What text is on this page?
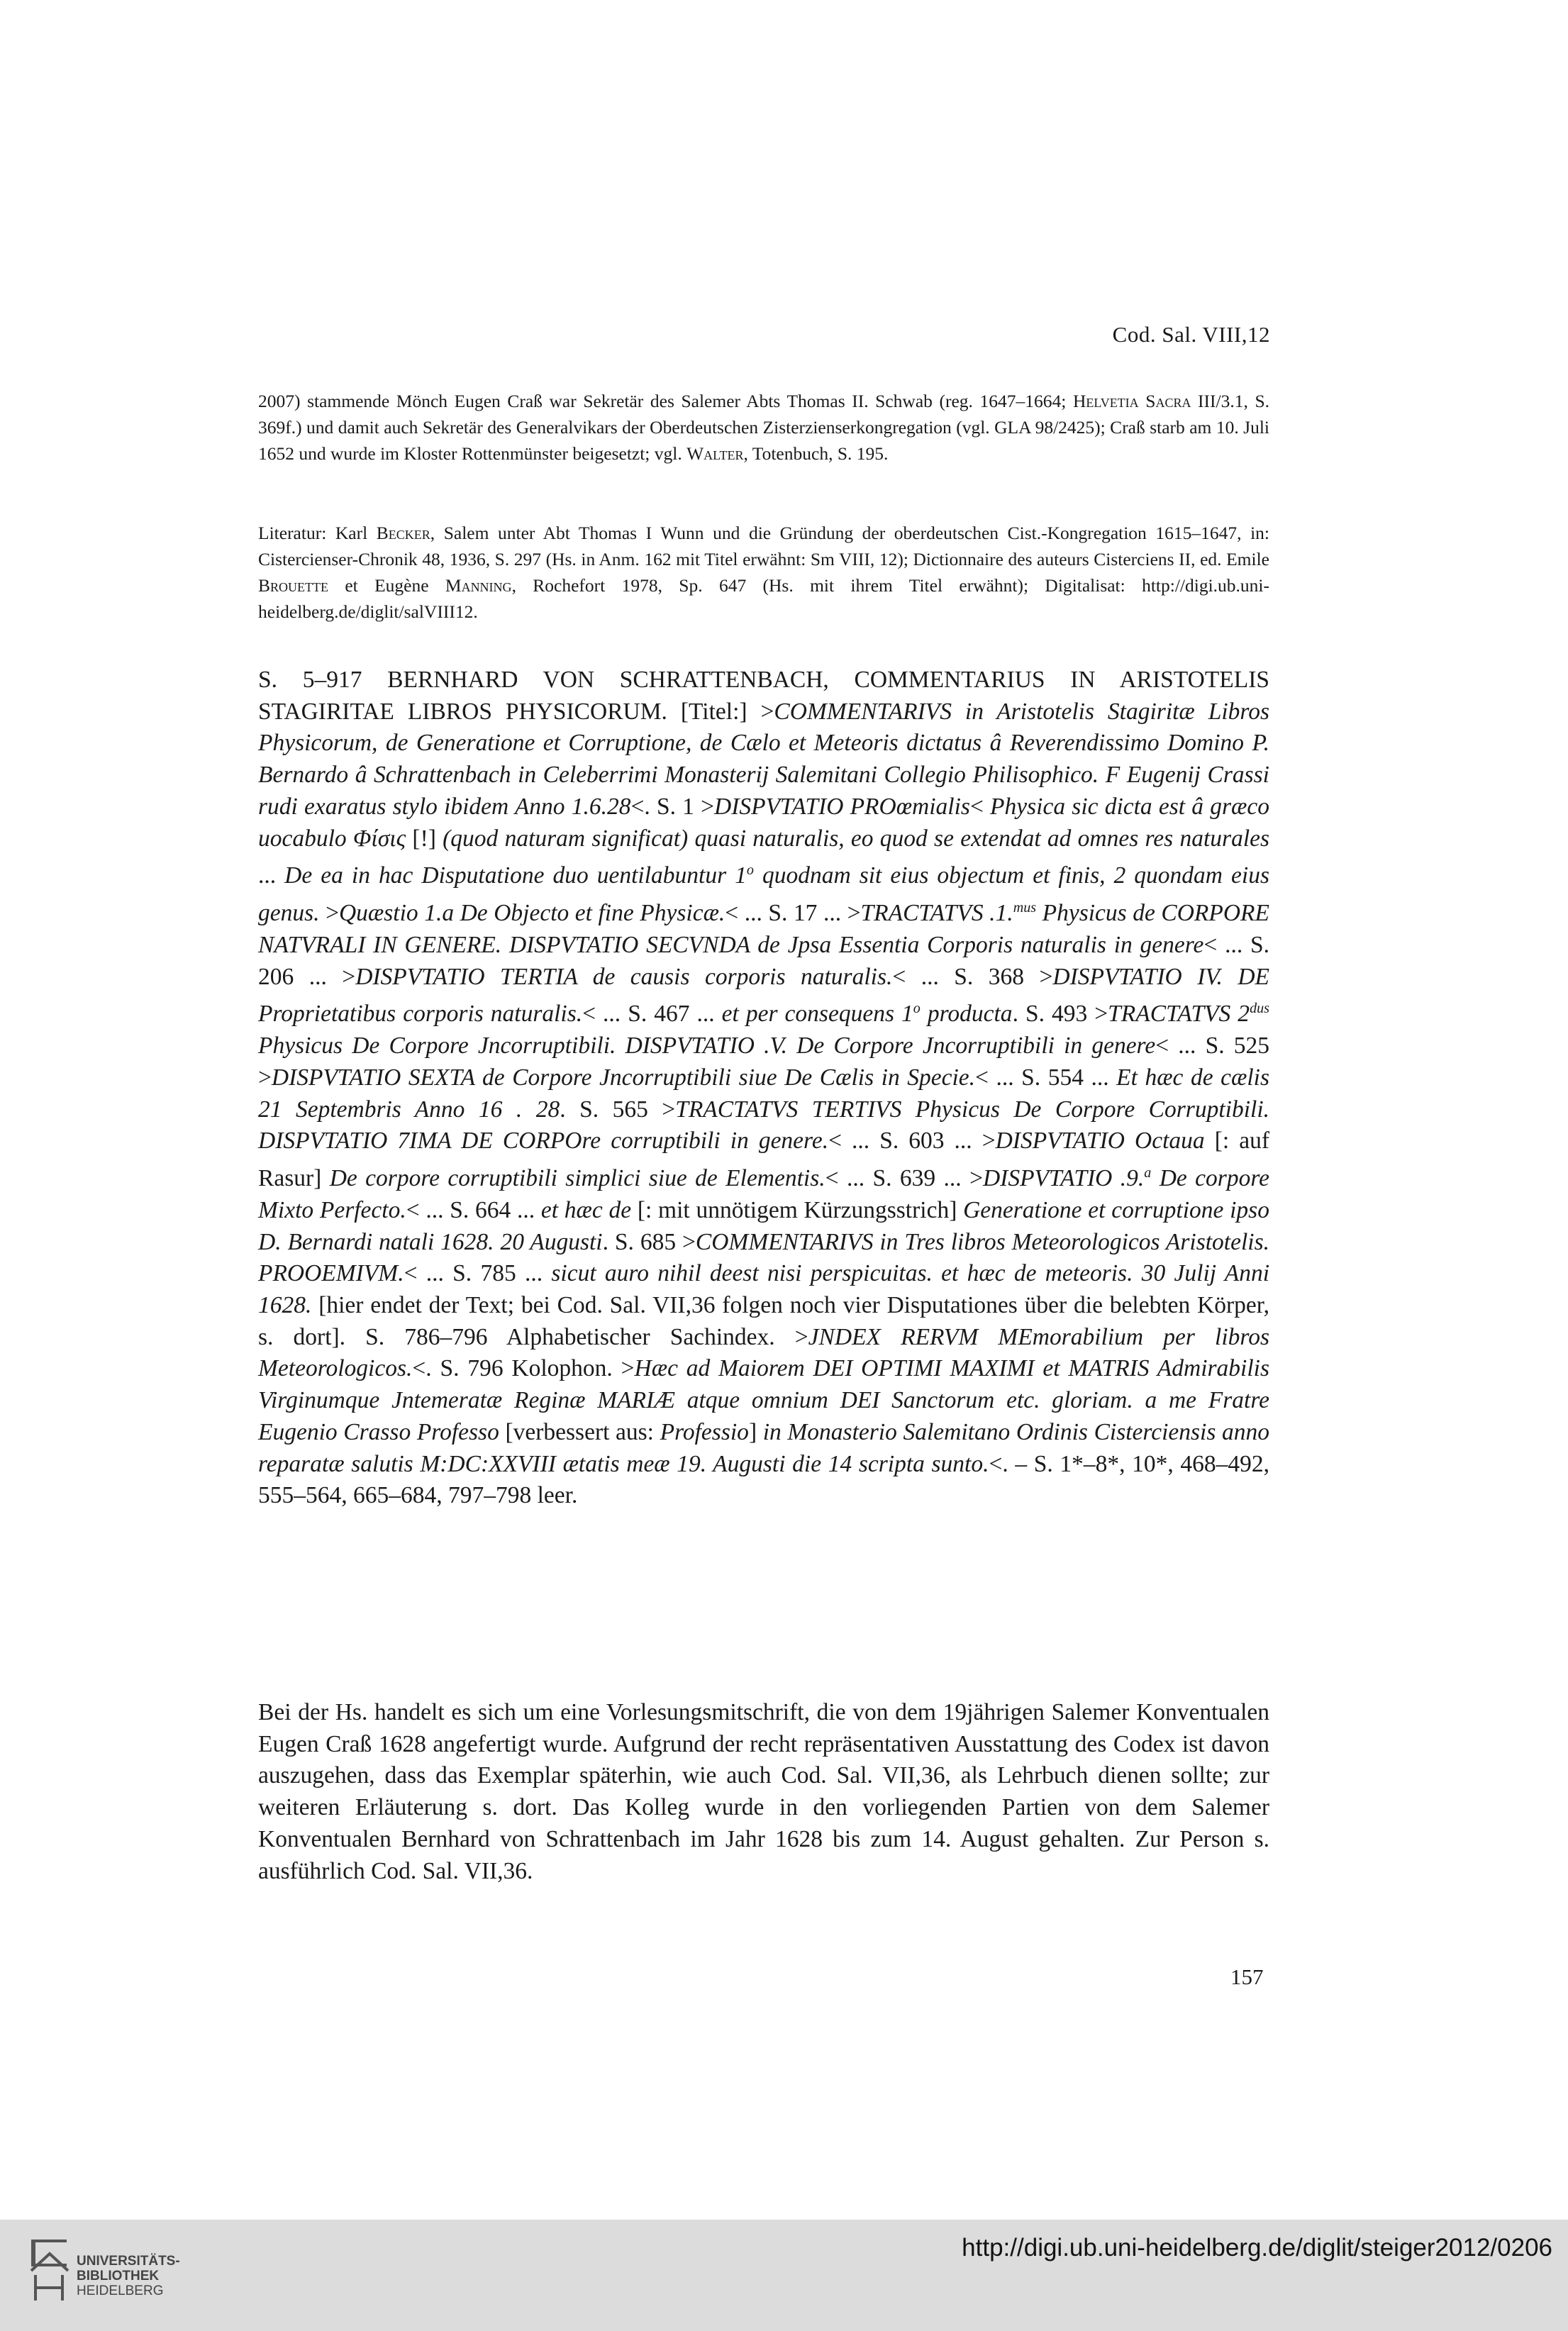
Cod. Sal. VIII,12

2007) stammende Mönch Eugen Craß war Sekretär des Salemer Abts Thomas II. Schwab (reg. 1647–1664; Helvetia Sacra III/3.1, S. 369f.) und damit auch Sekretär des Generalvikars der Oberdeutschen Zisterzienserkongregation (vgl. GLA 98/2425); Craß starb am 10. Juli 1652 und wurde im Kloster Rottenmünster beigesetzt; vgl. Walter, Totenbuch, S. 195.

Literatur: Karl Becker, Salem unter Abt Thomas I Wunn und die Gründung der oberdeutschen Cist.-Kongregation 1615–1647, in: Cistercienser-Chronik 48, 1936, S. 297 (Hs. in Anm. 162 mit Titel erwähnt: Sm VIII, 12); Dictionnaire des auteurs Cisterciens II, ed. Emile Brouette et Eugène Manning, Rochefort 1978, Sp. 647 (Hs. mit ihrem Titel erwähnt); Digitalisat: http://digi.ub.uni-heidelberg.de/diglit/salVIII12.

S. 5–917 BERNHARD VON SCHRATTENBACH, COMMENTARIUS IN ARISTOTELIS STAGIRITAE LIBROS PHYSICORUM. [Titel:] >COMMENTARIVS in Aristotelis Stagiritæ Libros Physicorum, de Generatione et Corruptione, de Cælo et Meteoris dictatus â Reverendissimo Domino P. Bernardo â Schrattenbach in Celeberrimi Monasterij Salemitani Collegio Philisophico. F Eugenij Crassi rudi exaratus stylo ibidem Anno 1.6.28<. S. 1 >DISPVTATIO PROœmialis< Physica sic dicta est â græco uocabulo Φίσις [!] (quod naturam significat) quasi naturalis, eo quod se extendat ad omnes res naturales ... De ea in hac Disputatione duo uentilabuntur 1$^o$ quodnam sit eius objectum et finis, 2 quondam eius genus. >Quæstio 1.a De Objecto et fine Physicæ.< ... S. 17 ... >TRACTATVS .1.$^{mus}$ Physicus de CORPORE NATVRALI IN GENERE. DISPVTATIO SECVNDA de Jpsa Essentia Corporis naturalis in genere< ... S. 206 ... >DISPVTATIO TERTIA de causis corporis naturalis.< ... S. 368 >DISPVTATIO IV. DE Proprietatibus corporis naturalis.< ... S. 467 ... et per consequens 1$^o$ producta. S. 493 >TRACTATVS $2^{dus}$ Physicus De Corpore Jncorruptibili. DISPVTATIO .V. De Corpore Jncorruptibili in genere< ... S. 525 >DISPVTATIO SEXTA de Corpore Jncorruptibili siue De Cælis in Specie.< ... S. 554 ... Et hæc de cælis 21 Septembris Anno 16 . 28. S. 565 >TRACTATVS TERTIVS Physicus De Corpore Corruptibili. DISPVTATIO 7IMA DE CORPOre corruptibili in genere.< ... S. 603 ... >DISPVTATIO Octaua [: auf Rasur] De corpore corruptibili simplici siue de Elementis.< ... S. 639 ... >DISPVTATIO .9.$^a$ De corpore Mixto Perfecto.< ... S. 664 ... et hæc de [: mit unnötigem Kürzungsstrich] Generatione et corruptione ipso D. Bernardi natali 1628. 20 Augusti. S. 685 >COMMENTARIVS in Tres libros Meteorologicos Aristotelis. PROOEMIVM.< ... S. 785 ... sicut auro nihil deest nisi perspicuitas. et hæc de meteoris. 30 Julij Anni 1628. [hier endet der Text; bei Cod. Sal. VII,36 folgen noch vier Disputationes über die belebten Körper, s. dort]. S. 786–796 Alphabetischer Sachindex. >JNDEX RERVM MEmorabilium per libros Meteorologicos.<. S. 796 Kolophon. >Hæc ad Maiorem DEI OPTIMI MAXIMI et MATRIS Admirabilis Virginumque Jntemeratæ Reginæ MARIÆ atque omnium DEI Sanctorum etc. gloriam. a me Fratre Eugenio Crasso Professo [verbessert aus: Professio] in Monasterio Salemitano Ordinis Cisterciensis anno reparatæ salutis M:DC:XXVIII ætatis meæ 19. Augusti die 14 scripta sunto.<. – S. 1*–8*, 10*, 468–492, 555–564, 665–684, 797–798 leer.

Bei der Hs. handelt es sich um eine Vorlesungsmitschrift, die von dem 19jährigen Salemer Konventualen Eugen Craß 1628 angefertigt wurde. Aufgrund der recht repräsentativen Ausstattung des Codex ist davon auszugehen, dass das Exemplar späterhin, wie auch Cod. Sal. VII,36, als Lehrbuch dienen sollte; zur weiteren Erläuterung s. dort. Das Kolleg wurde in den vorliegenden Partien von dem Salemer Konventualen Bernhard von Schrattenbach im Jahr 1628 bis zum 14. August gehalten. Zur Person s. ausführlich Cod. Sal. VII,36.

157
UNIVERSITÄTS-
BIBLIOTHEK
HEIDELBERG
http://digi.ub.uni-heidelberg.de/diglit/steiger2012/0206
